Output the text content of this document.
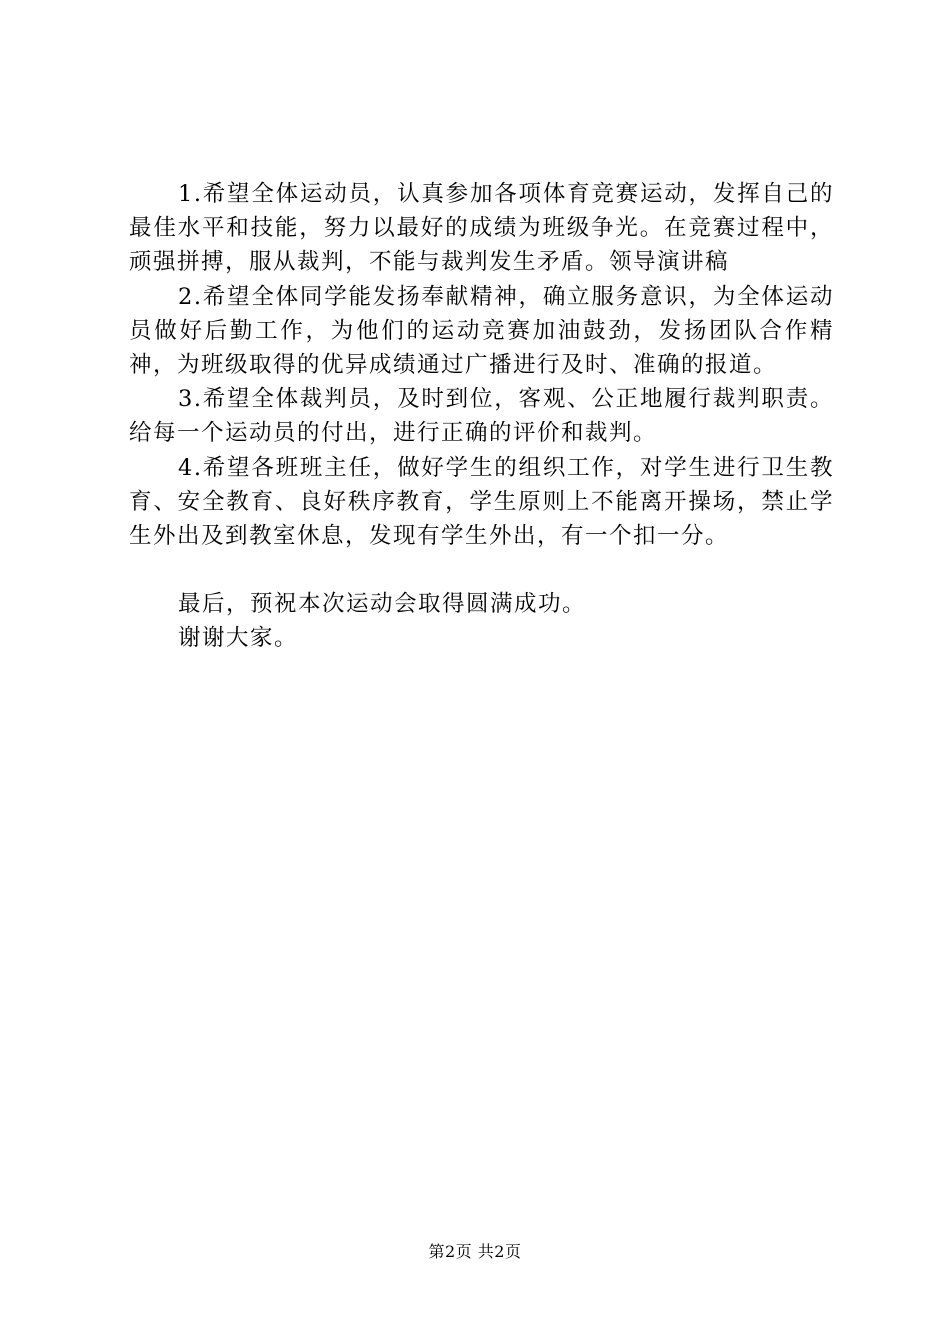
1.希望全体运动员，认真参加各项体育竞赛运动，发挥自己的最佳水平和技能，努力以最好的成绩为班级争光。在竞赛过程中，顽强拼搏，服从裁判，不能与裁判发生矛盾。领导演讲稿

2.希望全体同学能发扬奉献精神，确立服务意识，为全体运动员做好后勤工作，为他们的运动竞赛加油鼓劲，发扬团队合作精神，为班级取得的优异成绩通过广播进行及时、准确的报道。

3.希望全体裁判员，及时到位，客观、公正地履行裁判职责。给每一个运动员的付出，进行正确的评价和裁判。

4.希望各班班主任，做好学生的组织工作，对学生进行卫生教育、安全教育、良好秩序教育，学生原则上不能离开操场，禁止学生外出及到教室休息，发现有学生外出，有一个扣一分。

最后，预祝本次运动会取得圆满成功。

谢谢大家。

第2页 共2页
